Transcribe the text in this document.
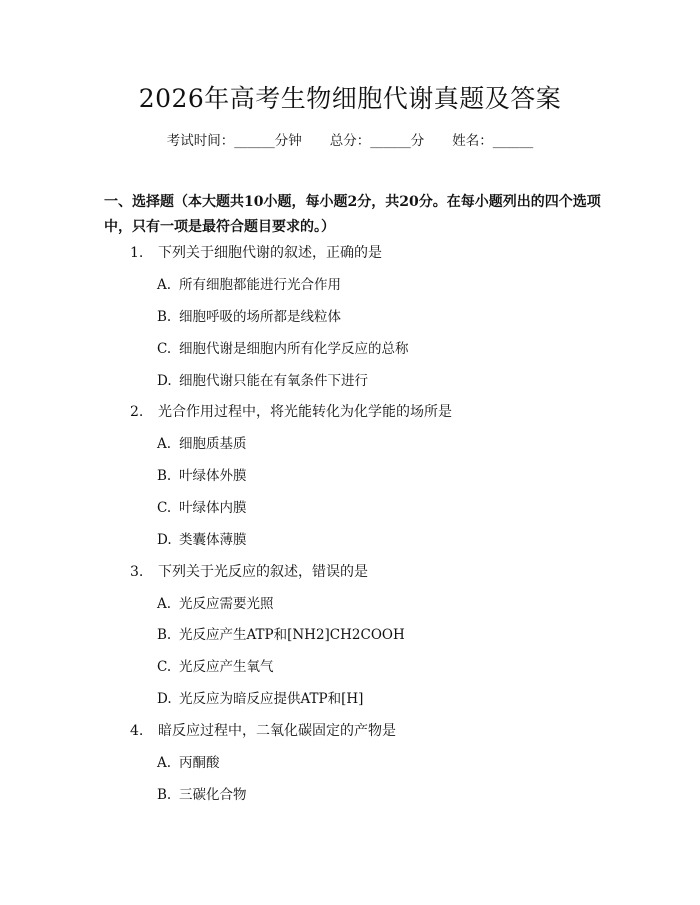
2026年高考生物细胞代谢真题及答案
考试时间：______分钟 总分：______分 姓名：______
一、选择题（本大题共10小题，每小题2分，共20分。在每小题列出的四个选项中，只有一项是最符合题目要求的。）
1. 下列关于细胞代谢的叙述，正确的是
A. 所有细胞都能进行光合作用
B. 细胞呼吸的场所都是线粒体
C. 细胞代谢是细胞内所有化学反应的总称
D. 细胞代谢只能在有氧条件下进行
2. 光合作用过程中，将光能转化为化学能的场所是
A. 细胞质基质
B. 叶绿体外膜
C. 叶绿体内膜
D. 类囊体薄膜
3. 下列关于光反应的叙述，错误的是
A. 光反应需要光照
B. 光反应产生ATP和[NH2]CH2COOH
C. 光反应产生氧气
D. 光反应为暗反应提供ATP和[H]
4. 暗反应过程中，二氧化碳固定的产物是
A. 丙酮酸
B. 三碳化合物
